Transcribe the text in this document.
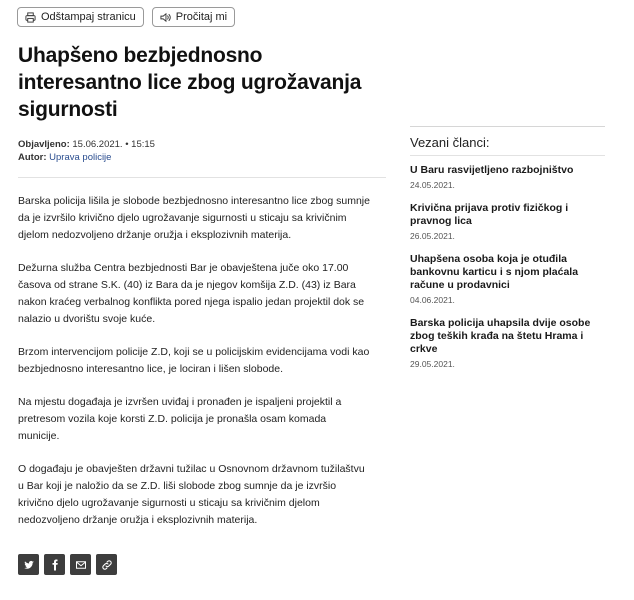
Odštampaj stranicu	Pročitaj mi
Uhapšeno bezbjednosno interesantno lice zbog ugrožavanja sigurnosti
Objavljeno: 15.06.2021. • 15:15
Autor: Uprava policije

Barska policija lišila je slobode bezbjednosno interesantno lice zbog sumnje da je izvršilo krivično djelo ugrožavanje sigurnosti u sticaju sa krivičnim djelom nedozvoljeno držanje oružja i eksplozivnih materija.

Dežurna služba Centra bezbjednosti Bar je obavještena juče oko 17.00 časova od strane S.K. (40) iz Bara da je njegov komšija Z.D. (43) iz Bara nakon kraćeg verbalnog konflikta pored njega ispalio jedan projektil dok se nalazio u dvorištu svoje kuće.

Brzom intervencijom policije Z.D, koji se u policijskim evidencijama vodi kao bezbjednosno interesantno lice, je lociran i lišen slobode.

Na mjestu događaja je izvršen uviđaj i pronađen je ispaljeni projektil a pretresom vozila koje korsti Z.D. policija je pronašla osam komada municije.

O događaju je obavješten državni tužilac u Osnovnom državnom tužilaštvu u Bar koji je naložio da se Z.D. liši slobode zbog sumnje da je izvršio krivično djelo ugrožavanje sigurnosti u sticaju sa krivičnim djelom nedozvoljeno držanje oružja i eksplozivnih materija.

Vezani članci:
U Baru rasvijetljeno razbojništvo
24.05.2021.
Krivična prijava protiv fizičkog i pravnog lica
26.05.2021.
Uhapšena osoba koja je otuđila bankovnu karticu i s njom plaćala račune u prodavnici
04.06.2021.
Barska policija uhapsila dvije osobe zbog teških krađa na štetu Hrama i crkve
29.05.2021.
